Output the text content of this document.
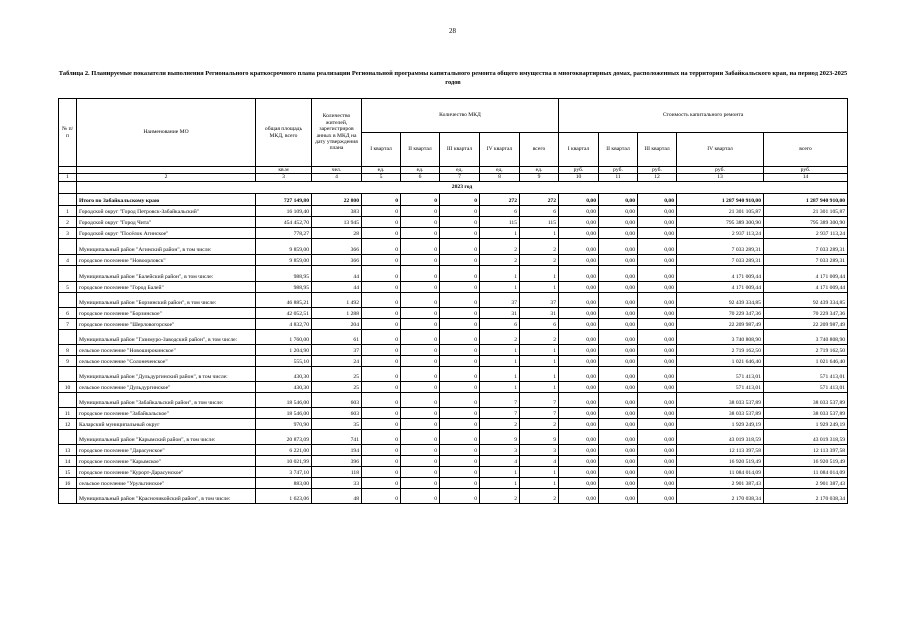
28
Таблица 2. Планируемые показатели выполнения Регионального краткосрочного плана реализации Региональной программы капитального ремонта общего имущества в многоквартирных домах, расположенных на территории Забайкальского края, на период 2023-2025 годов
№ п/п	Наименование МО	общая площадь МКД, всего	Количество жителей, зарегистриров анных в МКД на дату утверждения плана	Количество МКД					Стоимость капитального ремонта				
				I квартал	II квартал	III квартал	IV квартал	всего	I квартал	II квартал	III квартал	IV квартал	всего
		кв.м	чел.	ед.	ед.	ед.	ед.	ед.	руб.	руб.	руб.	руб.	руб.
1	2	3	4	5	6	7	8	9	10	11	12	13	14
	2023 год												
	Итого по Забайкальскому краю	727 149,80	22 800	0	0	0	272	272	0,00	0,00	0,00	1 287 940 910,00	1 287 940 910,00
1	Городской округ "Город Петровск-Забайкальский"	16 109,40	383	0	0	0	6	6	0,00	0,00	0,00	21 301 105,87	21 301 105,87
2	Городской округ "Город Чита"	454 452,70	13 945	0	0	0	115	115	0,00	0,00	0,00	795 389 300,90	795 389 300,90
3	Городской округ "Посёлок Агинское"	778,27	28	0	0	0	1	1	0,00	0,00	0,00	2 937 113,24	2 937 113,24
	Муниципальный район "Агинский район", в том числе:	9 859,00	366	0	0	0	2	2	0,00	0,00	0,00	7 033 289,31	7 033 289,31
4	городское поселение "Новоорловск"	9 859,00	366	0	0	0	2	2	0,00	0,00	0,00	7 033 289,31	7 033 289,31
	Муниципальный район "Балейский район", в том числе:	988,95	44	0	0	0	1	1	0,00	0,00	0,00	4 171 009,44	4 171 009,44
5	городское поселение "Город Балей"	988,95	44	0	0	0	1	1	0,00	0,00	0,00	4 171 009,44	4 171 009,44
	Муниципальный район "Борзинский район", в том числе:	46 885,21	1 492	0	0	0	37	37	0,00	0,00	0,00	92 439 334,85	92 439 334,85
6	городское поселение "Борзинское"	42 052,51	1 288	0	0	0	31	31	0,00	0,00	0,00	70 229 347,36	70 229 347,36
7	городское поселение "Шерловогорское"	4 832,70	204	0	0	0	6	6	0,00	0,00	0,00	22 209 987,49	22 209 987,49
	Муниципальный район "Газимуро-Заводский район", в том числе:	1 760,00	61	0	0	0	2	2	0,00	0,00	0,00	3 740 808,90	3 740 808,90
8	сельское поселение "Новоширокинское"	1 204,90	37	0	0	0	1	1	0,00	0,00	0,00	2 719 162,50	2 719 162,50
9	сельское поселение "Солонеченское"	555,10	24	0	0	0	1	1	0,00	0,00	0,00	1 021 646,40	1 021 646,40
	Муниципальный район "Дульдургинский район", в том числе:	430,30	25	0	0	0	1	1	0,00	0,00	0,00	571 413,01	571 413,01
10	сельское поселение "Дульдургинское"	430,30	25	0	0	0	1	1	0,00	0,00	0,00	571 413,01	571 413,01
	Муниципальный район "Забайкальский район", в том числе:	18 546,00	603	0	0	0	7	7	0,00	0,00	0,00	38 033 537,89	38 033 537,89
11	городское поселение "Забайкальское"	18 546,00	603	0	0	0	7	7	0,00	0,00	0,00	38 033 537,89	38 033 537,89
12	Каларский муниципальный округ	970,90	35	0	0	0	2	2	0,00	0,00	0,00	1 929 249,19	1 929 249,19
	Муниципальный район "Карымский район", в том числе:	20 873,09	741	0	0	0	9	9	0,00	0,00	0,00	43 019 318,59	43 019 318,59
13	городское поселение "Дарасунское"	6 221,00	194	0	0	0	3	3	0,00	0,00	0,00	12 113 397,58	12 113 397,58
14	городское поселение "Карымское"	10 021,99	396	0	0	0	4	4	0,00	0,00	0,00	16 920 519,49	16 920 519,49
15	городское поселение "Курорт-Дарасунское"	3 747,10	118	0	0	0	1	1	0,00	0,00	0,00	11 084 014,09	11 084 014,09
16	сельское поселение "Урульгинское"	883,00	33	0	0	0	1	1	0,00	0,00	0,00	2 901 387,43	2 901 387,43
	Муниципальный район "Красночикойский район", в том числе:	1 623,06	48	0	0	0	2	2	0,00	0,00	0,00	2 170 038,34	2 170 038,34
